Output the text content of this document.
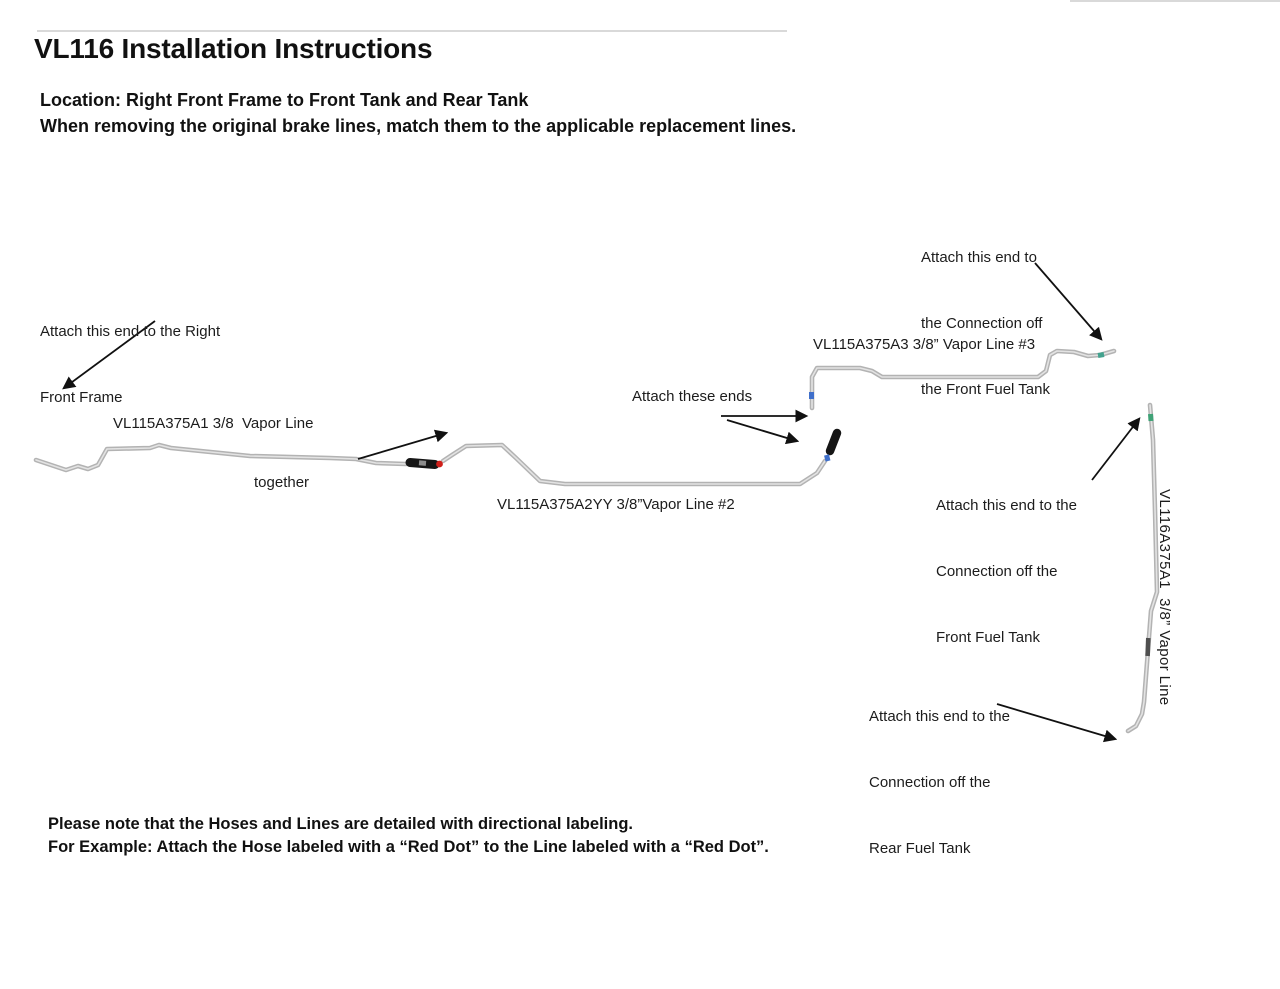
VL116 Installation Instructions
Location: Right Front Frame to Front Tank and Rear Tank
When removing the original brake lines, match them to the applicable replacement lines.

Attach this end to the Right

Front Frame

Attach this end to

the Connection off

the Front Fuel Tank

VL115A375A3 3/8” Vapor Line #3
Attach these ends
VL115A375A1 3/8  Vapor Line
together
VL115A375A2YY 3/8”Vapor Line #2

	Attach this end to the

Connection off the

Front Fuel Tank

	VL116A375A1  3/8” Vapor Line

Attach this end to the

Connection off the

Rear Fuel Tank

Please note that the Hoses and Lines are detailed with directional labeling.
For Example: Attach the Hose labeled with a “Red Dot” to the Line labeled with a “Red Dot”.
